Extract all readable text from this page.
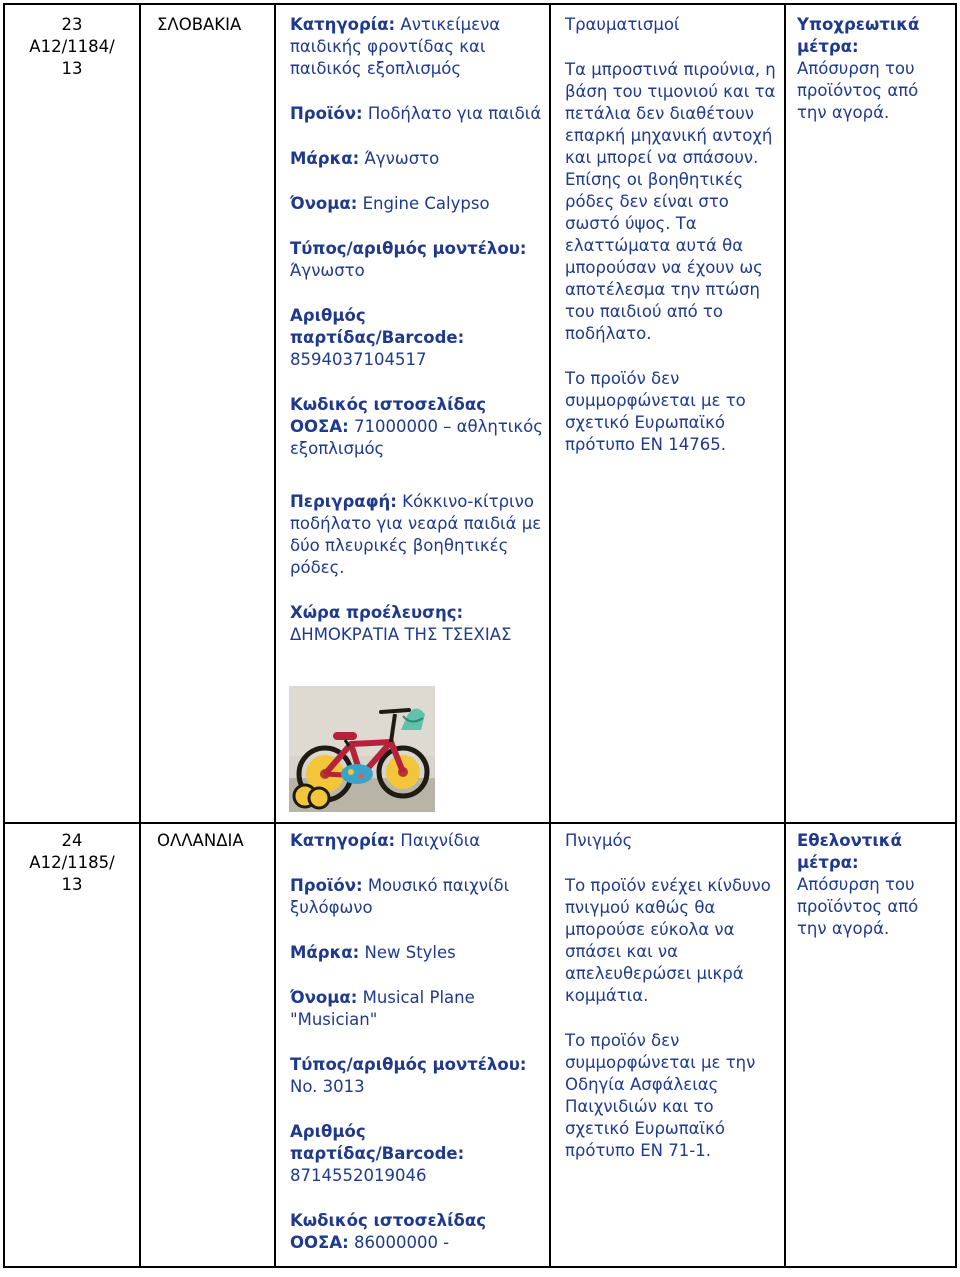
23
A12/1184/
13
ΣΛΟΒΑΚΙΑ	Κατηγορία: Αντικείμενα παιδικής φροντίδας και παιδικός εξοπλισμός

Προϊόν: Ποδήλατο για παιδιά

Μάρκα: Άγνωστο

Όνομα: Engine Calypso

Τύπος/αριθμός μοντέλου:
Άγνωστο

Αριθμός
παρτίδας/Barcode:
8594037104517

Κωδικός ιστοσελίδας
ΟΟΣΑ: 71000000 – αθλητικός εξοπλισμός

Περιγραφή: Κόκκινο-κίτρινο ποδήλατο για νεαρά παιδιά με δύο πλευρικές βοηθητικές ρόδες.

Χώρα προέλευσης:
ΔΗΜΟΚΡΑΤΙΑ ΤΗΣ ΤΣΕΧΙΑΣ

Τραυματισμοί

Τα μπροστινά πιρούνια, η βάση του τιμονιού και τα πετάλια δεν διαθέτουν επαρκή μηχανική αντοχή και μπορεί να σπάσουν. Επίσης οι βοηθητικές ρόδες δεν είναι στο σωστό ύψος. Τα ελαττώματα αυτά θα μπορούσαν να έχουν ως αποτέλεσμα την πτώση του παιδιού από το ποδήλατο.

Το προϊόν δεν συμμορφώνεται με το σχετικό Ευρωπαϊκό πρότυπο EN 14765.

Υποχρεωτικά μέτρα:
Απόσυρση του προϊόντος από την αγορά.
24
A12/1185/
13
ΟΛΛΑΝΔΙΑ	Κατηγορία: Παιχνίδια

Προϊόν: Μουσικό παιχνίδι ξυλόφωνο

Μάρκα: New Styles

Όνομα: Musical Plane "Musician"

Τύπος/αριθμός μοντέλου:
No. 3013

Αριθμός
παρτίδας/Barcode:
8714552019046

Κωδικός ιστοσελίδας
ΟΟΣΑ: 86000000 -

Πνιγμός

Το προϊόν ενέχει κίνδυνο πνιγμού καθώς θα μπορούσε εύκολα να σπάσει και να απελευθερώσει μικρά κομμάτια.

Το προϊόν δεν συμμορφώνεται με την Οδηγία Ασφάλειας Παιχνιδιών και το σχετικό Ευρωπαϊκό πρότυπο EN 71-1.

Εθελοντικά μέτρα:
Απόσυρση του προϊόντος από την αγορά.
